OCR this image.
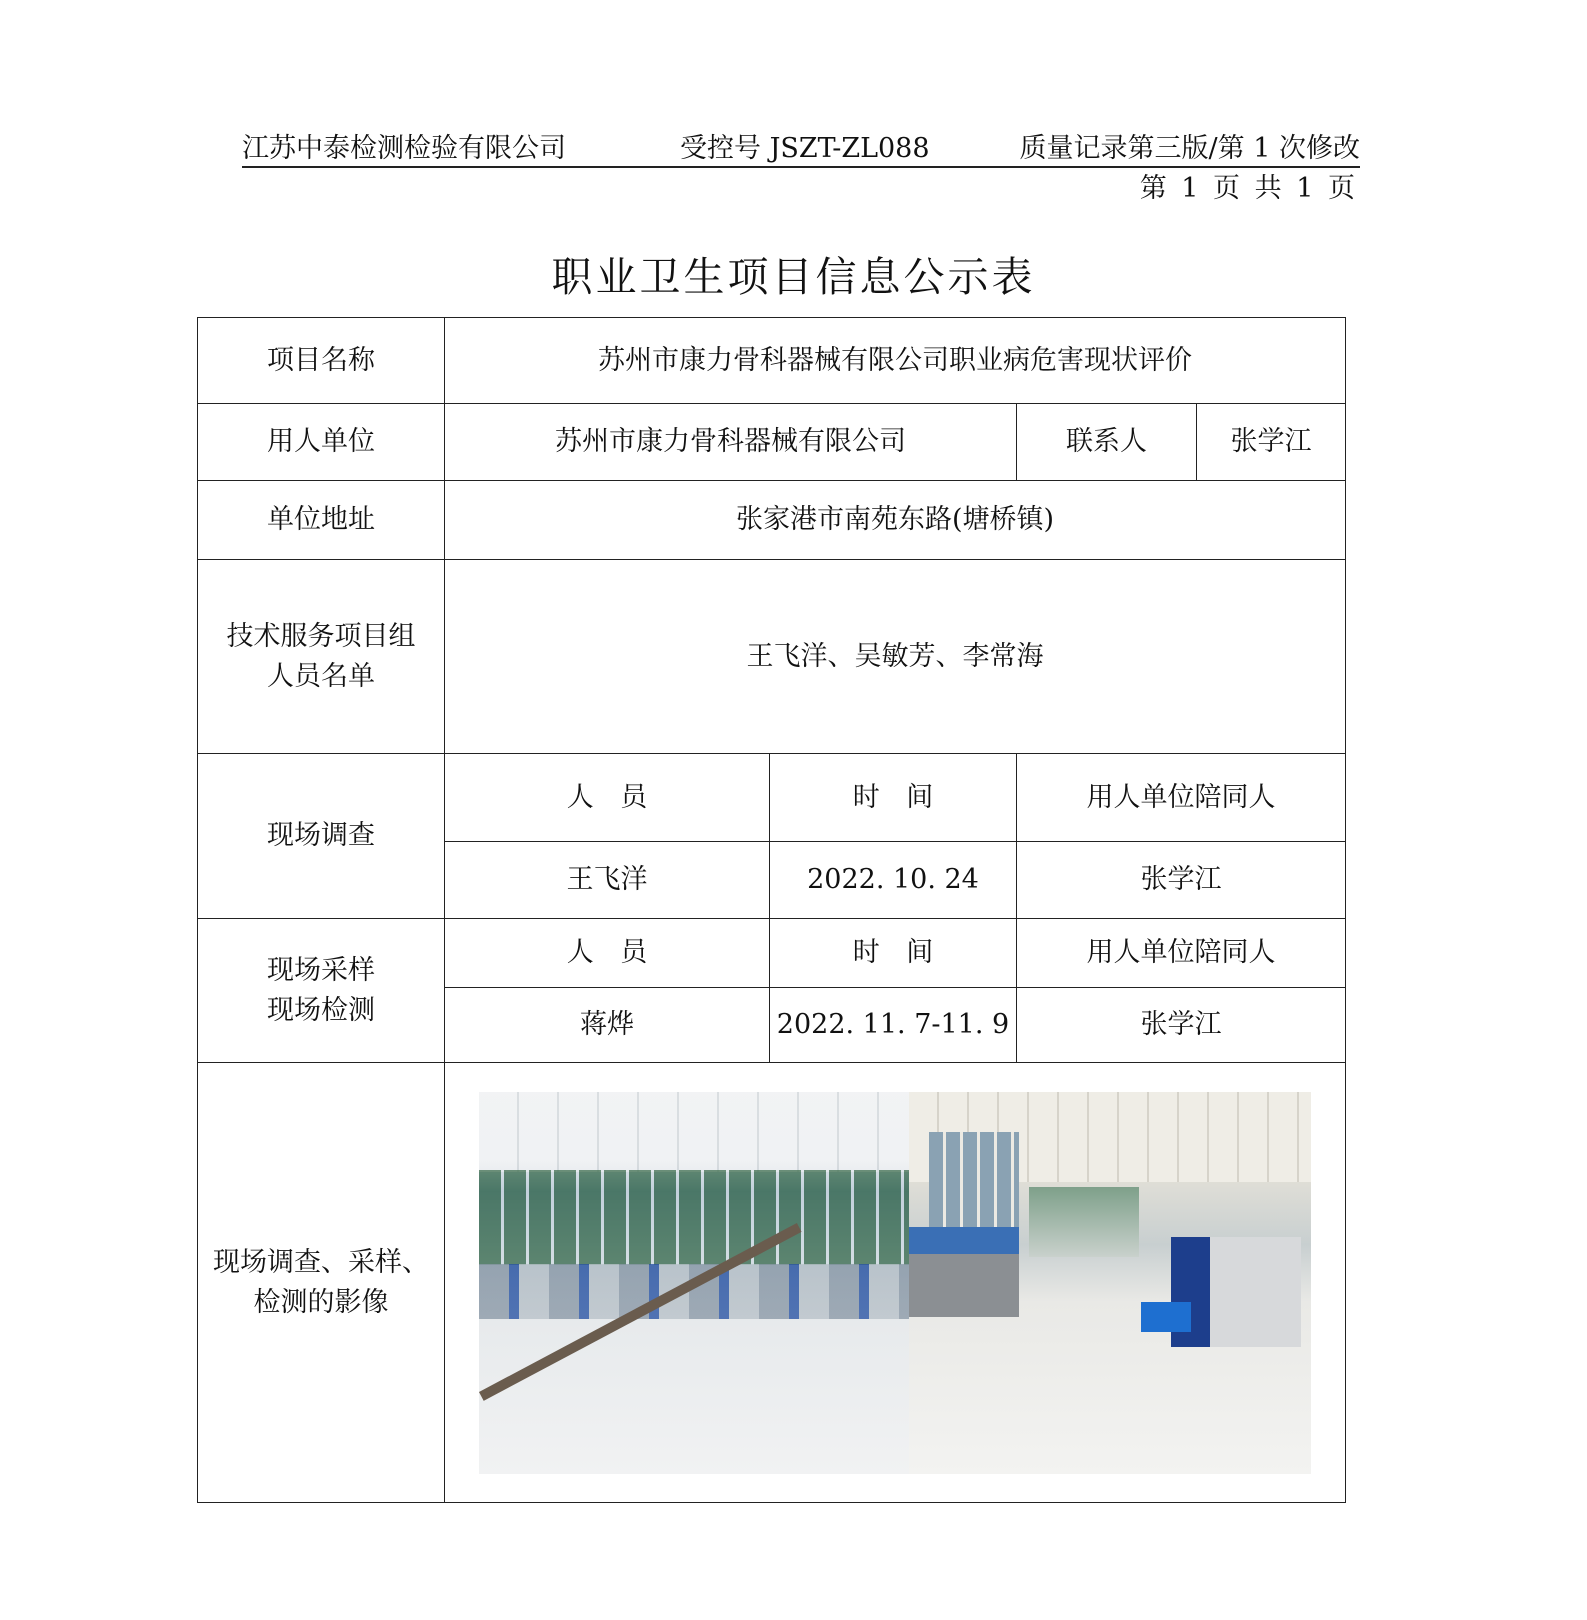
江苏中泰检测检验有限公司	受控号 JSZT-ZL088	质量记录第三版/第 1 次修改
第 1 页 共 1 页
职业卫生项目信息公示表
项目名称	苏州市康力骨科器械有限公司职业病危害现状评价			
用人单位	苏州市康力骨科器械有限公司		联系人	张学江
单位地址	张家港市南苑东路(塘桥镇)			

技术服务项目组
人员名单	王飞洋、吴敏芳、李常海			
现场调查	人 员	时 间	用人单位陪同人	
	王飞洋	2022. 10. 24	张学江	

现场采样
现场检测	人 员	时 间	用人单位陪同人	
	蒋烨	2022. 11. 7-11. 9	张学江	

现场调查、采样、
检测的影像				
